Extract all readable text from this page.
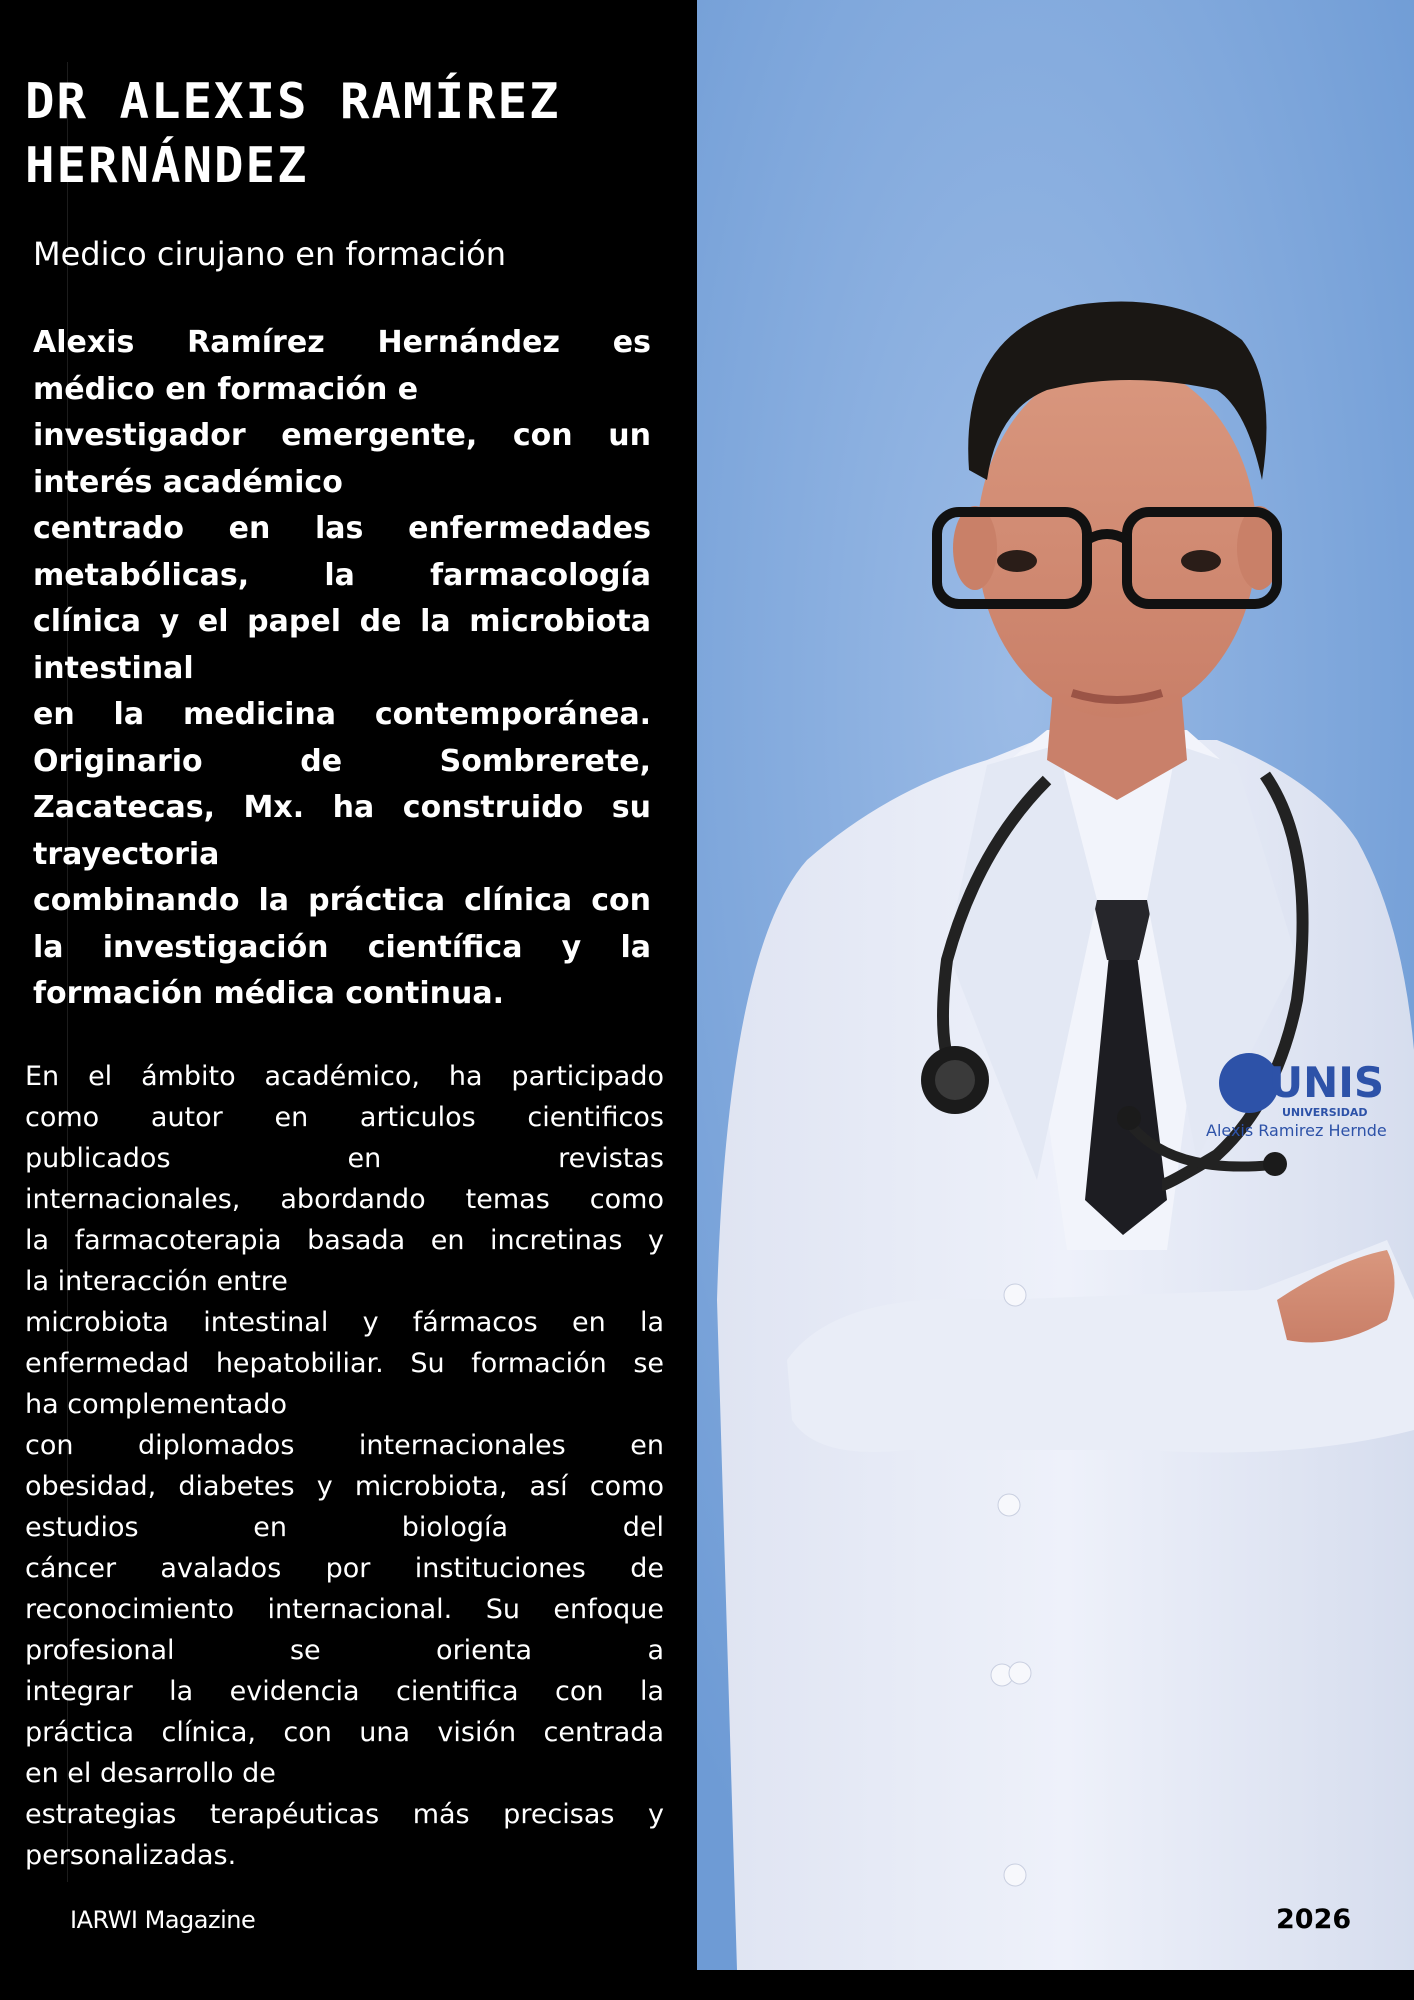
DR ALEXIS RAMÍREZ
HERNÁNDEZ

Medico cirujano en formación

Alexis Ramírez Hernández es
médico en formación e
investigador emergente, con un
interés académico
centrado en las enfermedades
metabólicas, la farmacología
clínica y el papel de la microbiota
intestinal
en la medicina contemporánea.
Originario de Sombrerete,
Zacatecas, Mx. ha construido su
trayectoria
combinando la práctica clínica con
la investigación científica y la
formación médica continua.
En el ámbito académico, ha participado
como autor en articulos cientificos
publicados en revistas
internacionales, abordando temas como
la farmacoterapia basada en incretinas y
la interacción entre
microbiota intestinal y fármacos en la
enfermedad hepatobiliar. Su formación se
ha complementado
con diplomados internacionales en
obesidad, diabetes y microbiota, así como
estudios en biología del
cáncer avalados por instituciones de
reconocimiento internacional. Su enfoque
profesional se orienta a
integrar la evidencia cientifica con la
práctica clínica, con una visión centrada
en el desarrollo de
estrategias terapéuticas más precisas y
personalizadas.

IARWI Magazine

UNIS
UNIVERSIDAD
Alexis Ramirez Hernde

2026
